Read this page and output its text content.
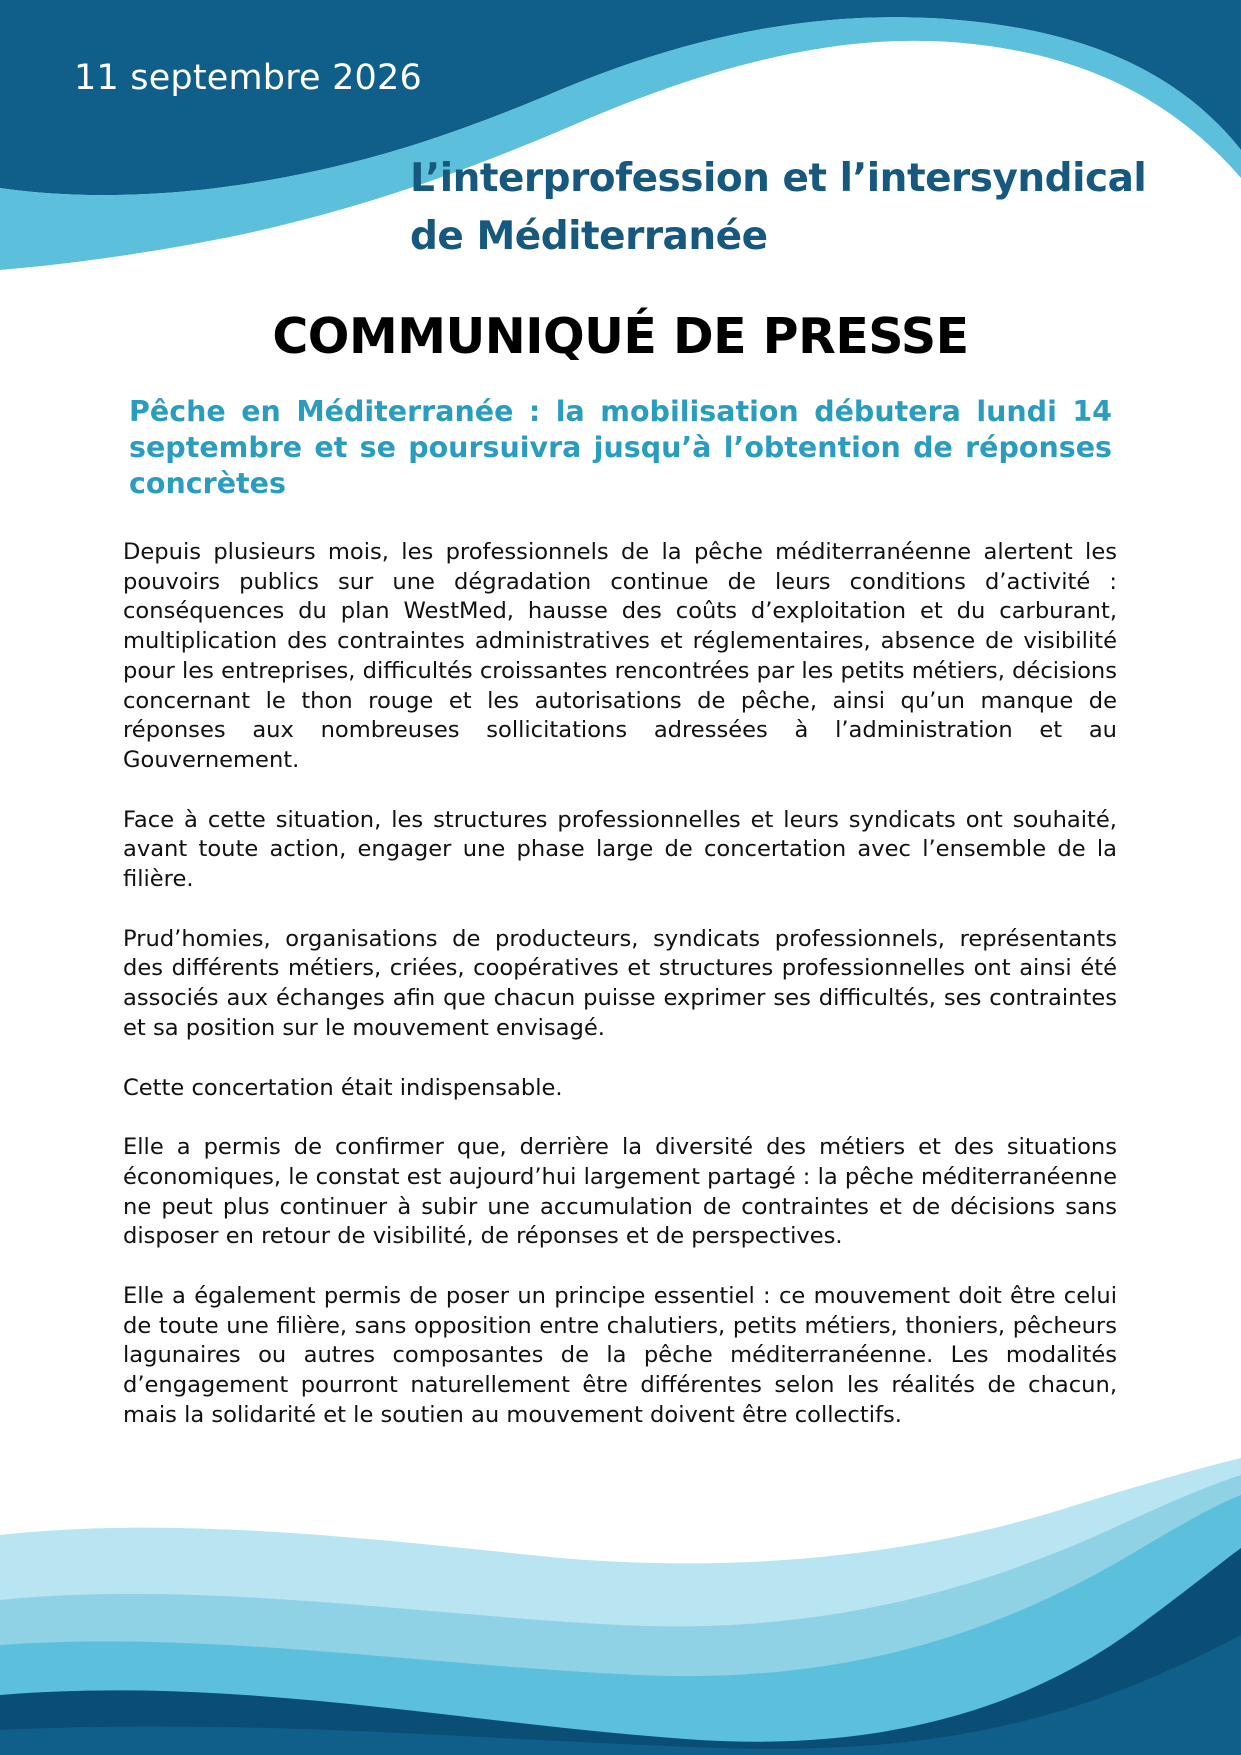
11 septembre 2026
L’interprofession et l’intersyndical de Méditerranée
COMMUNIQUÉ DE PRESSE
Pêche en Méditerranée : la mobilisation débutera lundi 14 septembre et se poursuivra jusqu’à l’obtention de réponses concrètes

Depuis plusieurs mois, les professionnels de la pêche méditerranéenne alertent les pouvoirs publics sur une dégradation continue de leurs conditions d’activité : conséquences du plan WestMed, hausse des coûts d’exploitation et du carburant, multiplication des contraintes administratives et réglementaires, absence de visibilité pour les entreprises, difficultés croissantes rencontrées par les petits métiers, décisions concernant le thon rouge et les autorisations de pêche, ainsi qu’un manque de réponses aux nombreuses sollicitations adressées à l’administration et au Gouvernement.

Face à cette situation, les structures professionnelles et leurs syndicats ont souhaité, avant toute action, engager une phase large de concertation avec l’ensemble de la filière.

Prud’homies, organisations de producteurs, syndicats professionnels, représentants des différents métiers, criées, coopératives et structures professionnelles ont ainsi été associés aux échanges afin que chacun puisse exprimer ses difficultés, ses contraintes et sa position sur le mouvement envisagé.

Cette concertation était indispensable.

Elle a permis de confirmer que, derrière la diversité des métiers et des situations économiques, le constat est aujourd’hui largement partagé : la pêche méditerranéenne ne peut plus continuer à subir une accumulation de contraintes et de décisions sans disposer en retour de visibilité, de réponses et de perspectives.

Elle a également permis de poser un principe essentiel : ce mouvement doit être celui de toute une filière, sans opposition entre chalutiers, petits métiers, thoniers, pêcheurs lagunaires ou autres composantes de la pêche méditerranéenne. Les modalités d’engagement pourront naturellement être différentes selon les réalités de chacun, mais la solidarité et le soutien au mouvement doivent être collectifs.
